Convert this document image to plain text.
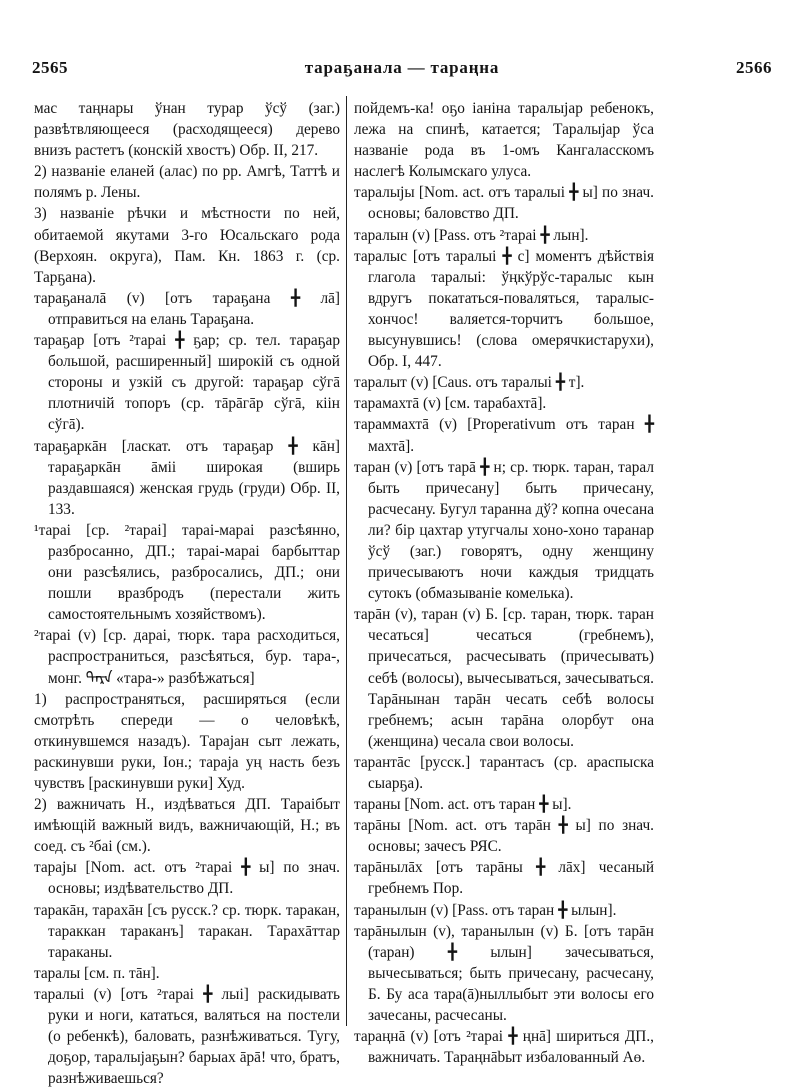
2565	тараҕанала — тараңна	2566

мас таңнары ўнан турар ўсў (заг.) развѣтвляющееся (расходящееся) дерево внизъ растетъ (конскій хвостъ) Обр. II, 217.

2) названіе еланей (алас) по рр. Амгѣ, Таттѣ и полямъ р. Лены.

3) названіе рѣчки и мѣстности по ней, обитаемой якутами 3-го Юсальскаго рода (Верхоян. округа), Пам. Кн. 1863 г. (ср. Тарҕана).

тараҕаналā (v) [отъ тараҕана ╋ лā] отправиться на елань Тараҕана.

тараҕар [отъ ²тараі ╋ ҕар; ср. тел. тараҕар большой, расширенный] широкій съ одной стороны и узкій съ другой: тараҕар сўгā плотничій топоръ (ср. тāрāгāр сўгā, кіін сўгā).

тараҕаркāн [ласкат. отъ тараҕар ╋ кāн] тараҕаркāн āміі широкая (вширь раздавшаяся) женская грудь (груди) Обр. II, 133.

¹тараі [ср. ²тараі] тараі-мараі разсѣянно, разбросанно, ДП.; тараі-мараі барбыттар они разсѣялись, разбросались, ДП.; они пошли вразбродъ (перестали жить самостоятельнымъ хозяйствомъ).

²тараі (v) [ср. дараі, тюрк. тара расходиться, распространиться, разсѣяться, бур. тара-, монг. ᠲᠠᠷᠠ «тара-» разбѣжаться]

1) распространяться, расширяться (если смотрѣть спереди — о человѣкѣ, откинувшемся назадъ). Тарајан сыт лежать, раскинувши руки, Іон.; тараја уң насть безъ чувствъ [раскинувши руки] Худ.

2) важничать Н., издѣваться ДП. Тараібыт имѣющій важный видъ, важничающій, Н.; въ соед. съ ²баі (см.).

тарајы [Nom. act. отъ ²тараі ╋ ы] по знач. основы; издѣвательство ДП.

таракāн, тарахāн [съ русск.? ср. тюрк. таракан, тараккан тараканъ] таракан. Тарахāттар тараканы.

таралы [см. п. тāн].

таралыі (v) [отъ ²тараі ╋ лыі] раскидывать руки и ноги, кататься, валяться на постели (о ребенкѣ), баловать, разнѣживаться. Тугу, доҕор, таралыјаҕын? барыах āрā! что, братъ, разнѣживаешься?

пойдемъ-ка! оҕо іаніна таралыјар ребенокъ, лежа на спинѣ, катается; Таралыјар ўса названіе рода въ 1-омъ Кангаласскомъ наслегѣ Колымскаго улуса.

таралыjы [Nom. act. отъ таралыі ╋ ы] по знач. основы; баловство ДП.

таралын (v) [Pass. отъ ²тараі ╋ лын].

таралыс [отъ таралыі ╋ с] моментъ дѣйствія глагола таралыі: ўңкўрўс-таралыс кын вдругъ покататься-поваляться, таралыс-хончос! валяется-торчитъ большое, высунувшись! (слова омерячкистарухи), Обр. I, 447.

таралыт (v) [Caus. отъ таралыі ╋ т].

тарамахтā (v) [см. тарабахтā].

тараммахтā (v) [Properativum отъ таран ╋ махтā].

таран (v) [отъ тарā ╋ н; ср. тюрк. таран, тарал быть причесану] быть причесану, расчесану. Бугул таранна дў? копна очесана ли? бір цахтар утугчалы хоно-хоно таранар ўсў (заг.) говорятъ, одну женщину причесываютъ ночи каждыя тридцать сутокъ (обмазываніе комелька).

тарāн (v), таран (v) Б. [ср. таран, тюрк. таран чесаться] чесаться (гребнемъ), причесаться, расчесывать (причесывать) себѣ (волосы), вычесываться, зачесываться. Тарāнынан тарāн чесать себѣ волосы гребнемъ; асын тарāна олорбут она (женщина) чесала свои волосы.

тарантāс [русск.] тарантасъ (ср. араспыска сыарҕа).

тараны [Nom. act. отъ таран ╋ ы].

тарāны [Nom. act. отъ тарāн ╋ ы] по знач. основы; зачесъ РЯС.

тарāнылāх [отъ тарāны ╋ лāх] чесаный гребнемъ Пор.

таранылын (v) [Pass. отъ таран ╋ ылын].

тарāнылын (v), таранылын (v) Б. [отъ тарāн (таран) ╋ ылын] зачесываться, вычесываться; быть причесану, расчесану, Б. Бу аса тара(ā)ныллыбыт эти волосы его зачесаны, расчесаны.

тараңнā (v) [отъ ²тараі ╋ ңнā] шириться ДП., важничать. Тараңнābыт избалованный Аө.
